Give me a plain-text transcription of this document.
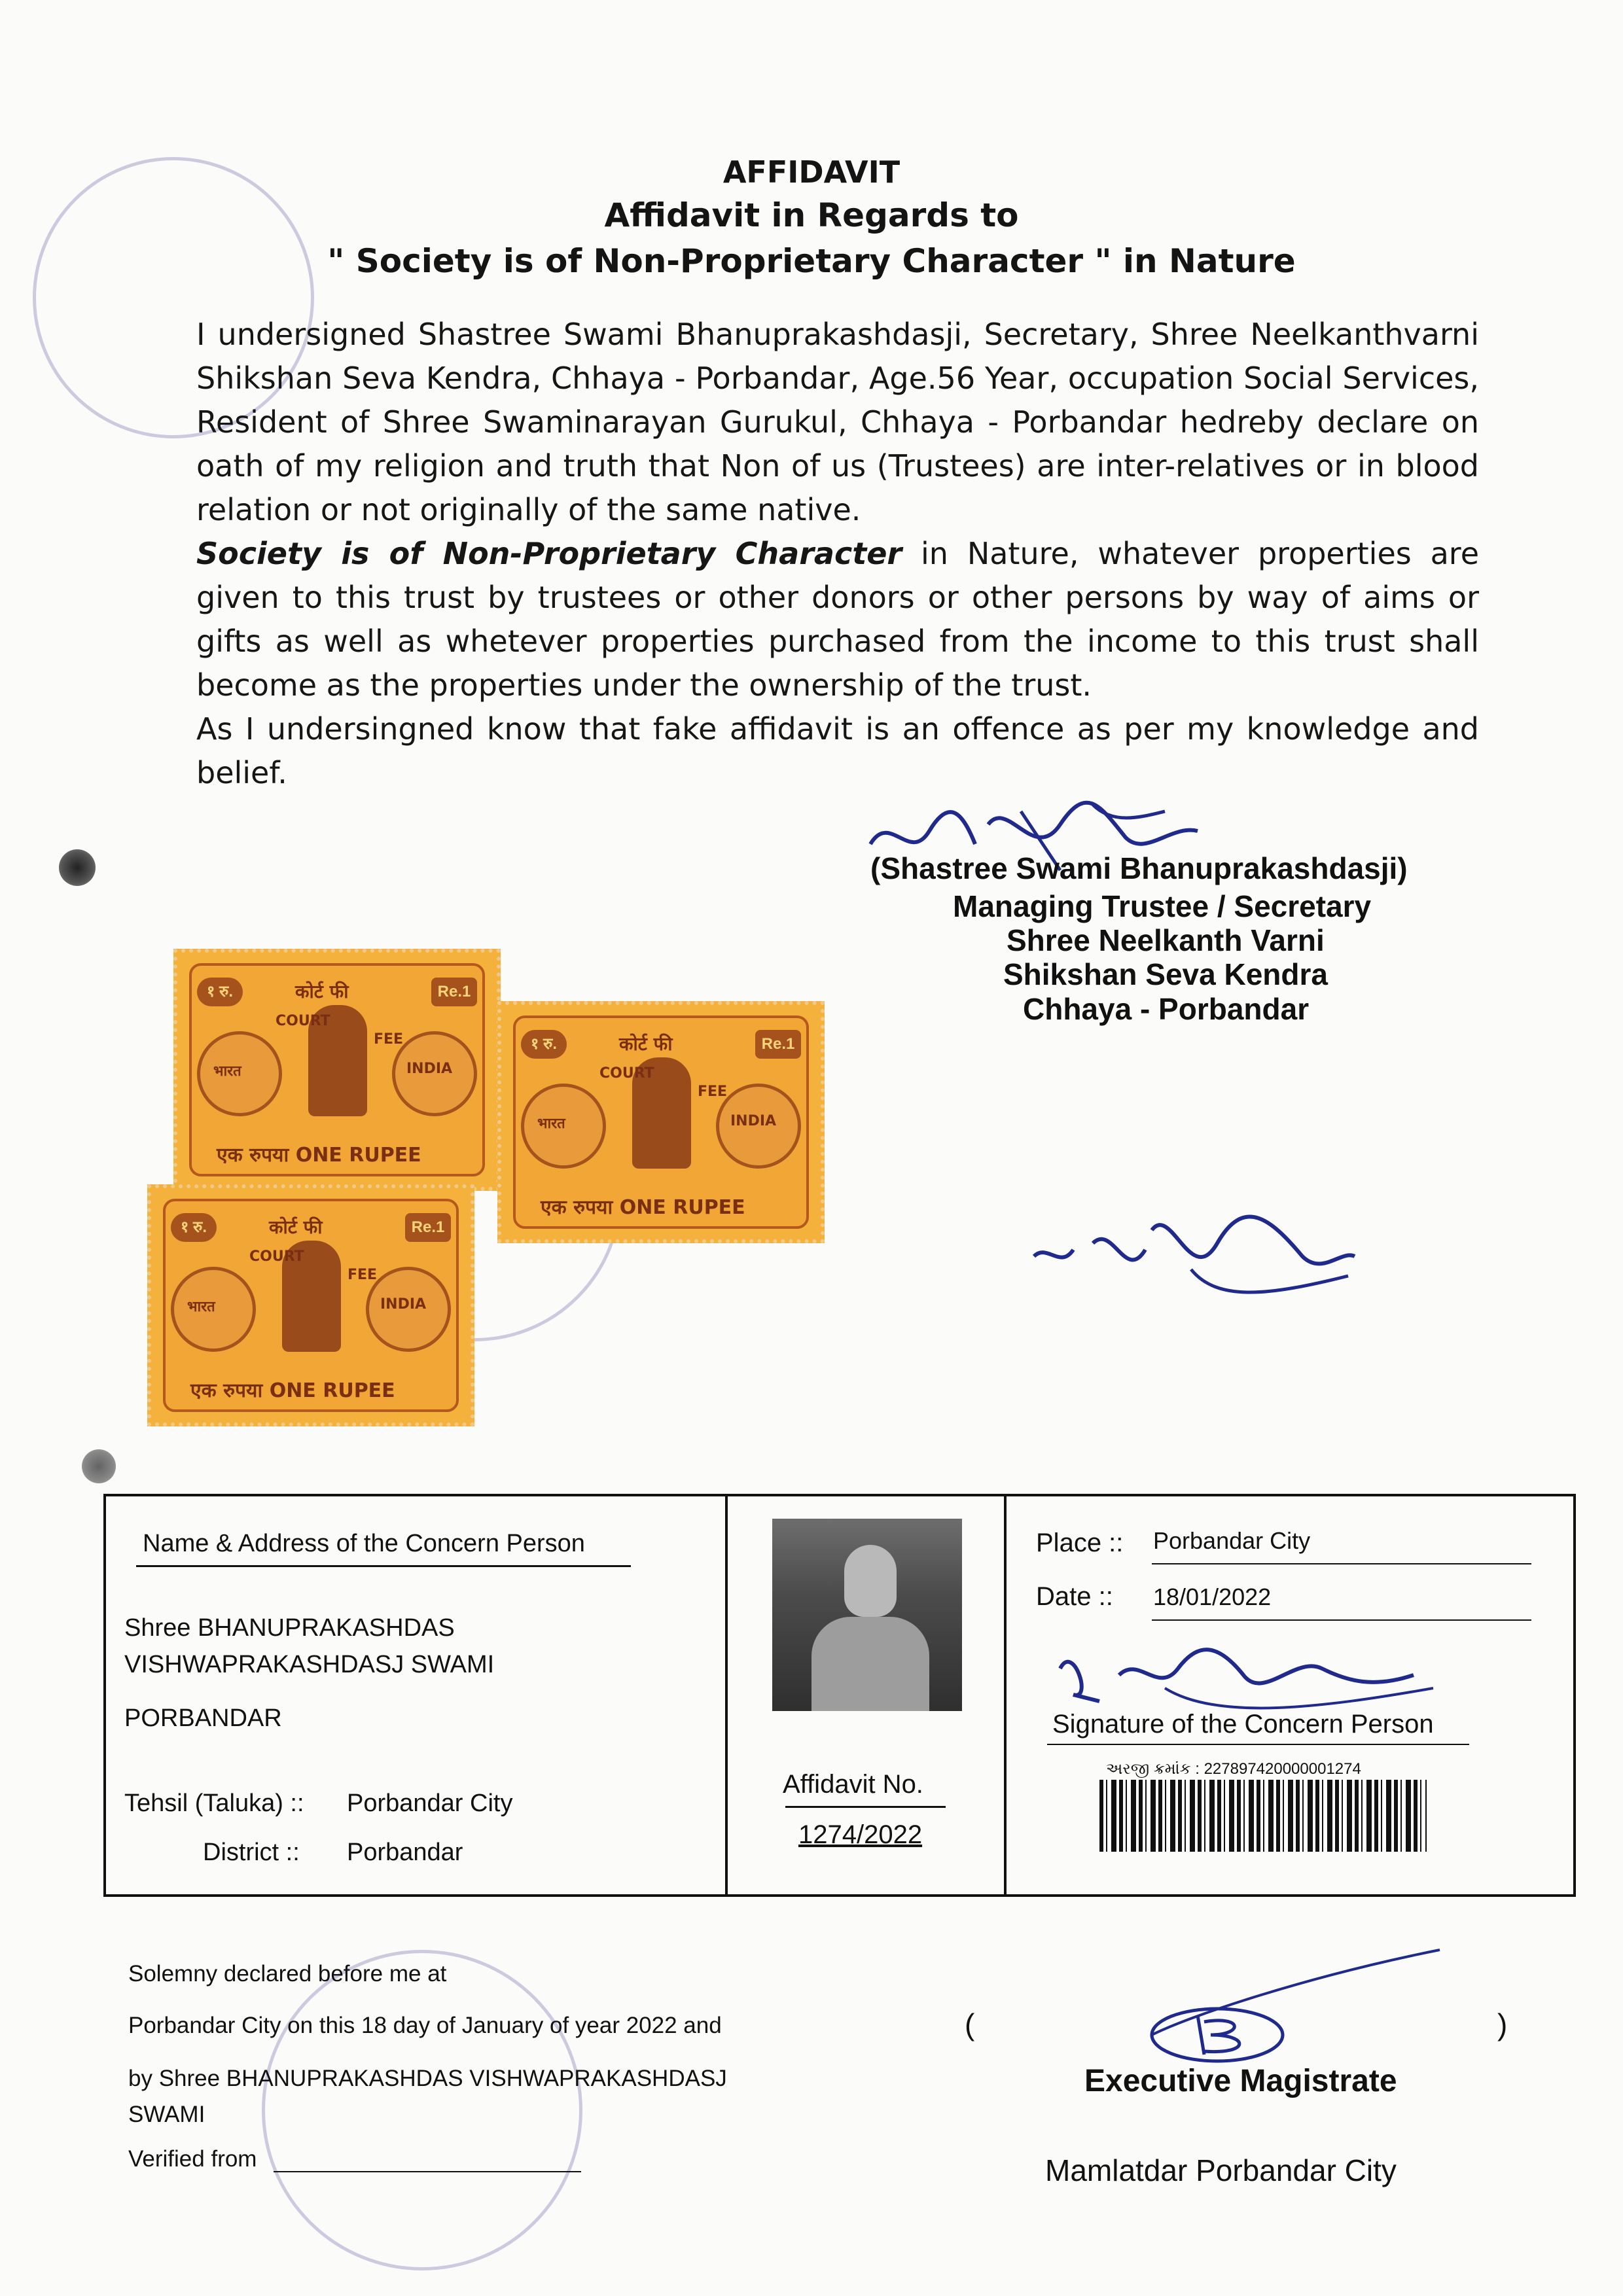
AFFIDAVIT
Affidavit in Regards to
" Society is of Non-Proprietary Character " in Nature

I undersigned Shastree Swami Bhanuprakashdasji, Secretary, Shree Neelkanthvarni Shikshan Seva Kendra, Chhaya - Porbandar, Age.56 Year, occupation Social Services, Resident of Shree Swaminarayan Gurukul, Chhaya - Porbandar hedreby declare on oath of my religion and truth that Non of us (Trustees) are inter-relatives or in blood relation or not originally of the same native.

Society is of Non-Proprietary Character in Nature, whatever properties are given to this trust by trustees or other donors or other persons by way of aims or gifts as well as whetever properties purchased from the income to this trust shall become as the properties under the ownership of the trust.

As I undersingned know that fake affidavit is an offence as per my knowledge and belief.

(Shastree Swami Bhanuprakashdasji)
Managing Trustee / Secretary
Shree Neelkanth Varni
Shikshan Seva Kendra
Chhaya - Porbandar
१ रु.	कोर्ट फी	Re.1
COURT
FEE
भारत	INDIA
एक रुपया ONE RUPEE
१ रु.	कोर्ट फी	Re.1
COURT
FEE
भारत	INDIA
एक रुपया ONE RUPEE
१ रु.	कोर्ट फी	Re.1
COURT
FEE
भारत	INDIA
एक रुपया ONE RUPEE
Name & Address of the Concern Person
Shree BHANUPRAKASHDAS
VISHWAPRAKASHDASJ SWAMI
PORBANDAR
Tehsil (Taluka) :: Porbandar City
District :: Porbandar
Affidavit No.
1274/2022
Place :: Porbandar City
Date :: 18/01/2022
Signature of the Concern Person
અરજી ક્રમાંક : 227897420000001274
Solemny declared before me at
Porbandar City on this 18 day of January of year 2022 and
by Shree BHANUPRAKASHDAS VISHWAPRAKASHDASJ
SWAMI
Verified from
(	)
Executive Magistrate
Mamlatdar Porbandar City
